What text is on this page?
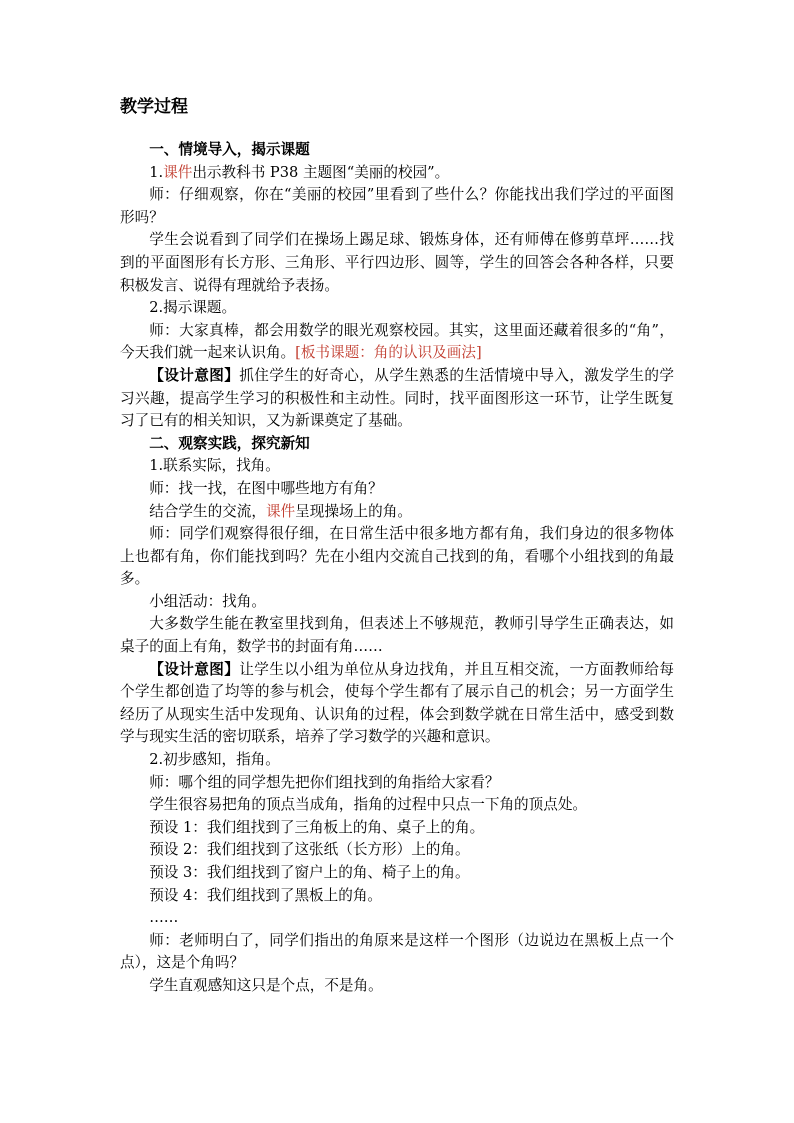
教学过程

一、情境导入，揭示课题

1.课件出示教科书 P38 主题图“美丽的校园”。

师：仔细观察，你在“美丽的校园”里看到了些什么？你能找出我们学过的平面图形吗？

学生会说看到了同学们在操场上踢足球、锻炼身体，还有师傅在修剪草坪……找到的平面图形有长方形、三角形、平行四边形、圆等，学生的回答会各种各样，只要积极发言、说得有理就给予表扬。

2.揭示课题。

师：大家真棒，都会用数学的眼光观察校园。其实，这里面还藏着很多的“角”，今天我们就一起来认识角。[板书课题：角的认识及画法]

【设计意图】抓住学生的好奇心，从学生熟悉的生活情境中导入，激发学生的学习兴趣，提高学生学习的积极性和主动性。同时，找平面图形这一环节，让学生既复习了已有的相关知识，又为新课奠定了基础。

二、观察实践，探究新知

1.联系实际，找角。

师：找一找，在图中哪些地方有角？

结合学生的交流，课件呈现操场上的角。

师：同学们观察得很仔细，在日常生活中很多地方都有角，我们身边的很多物体上也都有角，你们能找到吗？先在小组内交流自己找到的角，看哪个小组找到的角最多。

小组活动：找角。

大多数学生能在教室里找到角，但表述上不够规范，教师引导学生正确表达，如桌子的面上有角，数学书的封面有角……

【设计意图】让学生以小组为单位从身边找角，并且互相交流，一方面教师给每个学生都创造了均等的参与机会，使每个学生都有了展示自己的机会；另一方面学生经历了从现实生活中发现角、认识角的过程，体会到数学就在日常生活中，感受到数学与现实生活的密切联系，培养了学习数学的兴趣和意识。

2.初步感知，指角。

师：哪个组的同学想先把你们组找到的角指给大家看？

学生很容易把角的顶点当成角，指角的过程中只点一下角的顶点处。

预设 1：我们组找到了三角板上的角、桌子上的角。

预设 2：我们组找到了这张纸（长方形）上的角。

预设 3：我们组找到了窗户上的角、椅子上的角。

预设 4：我们组找到了黑板上的角。

……

师：老师明白了，同学们指出的角原来是这样一个图形（边说边在黑板上点一个点），这是个角吗？

学生直观感知这只是个点，不是角。
